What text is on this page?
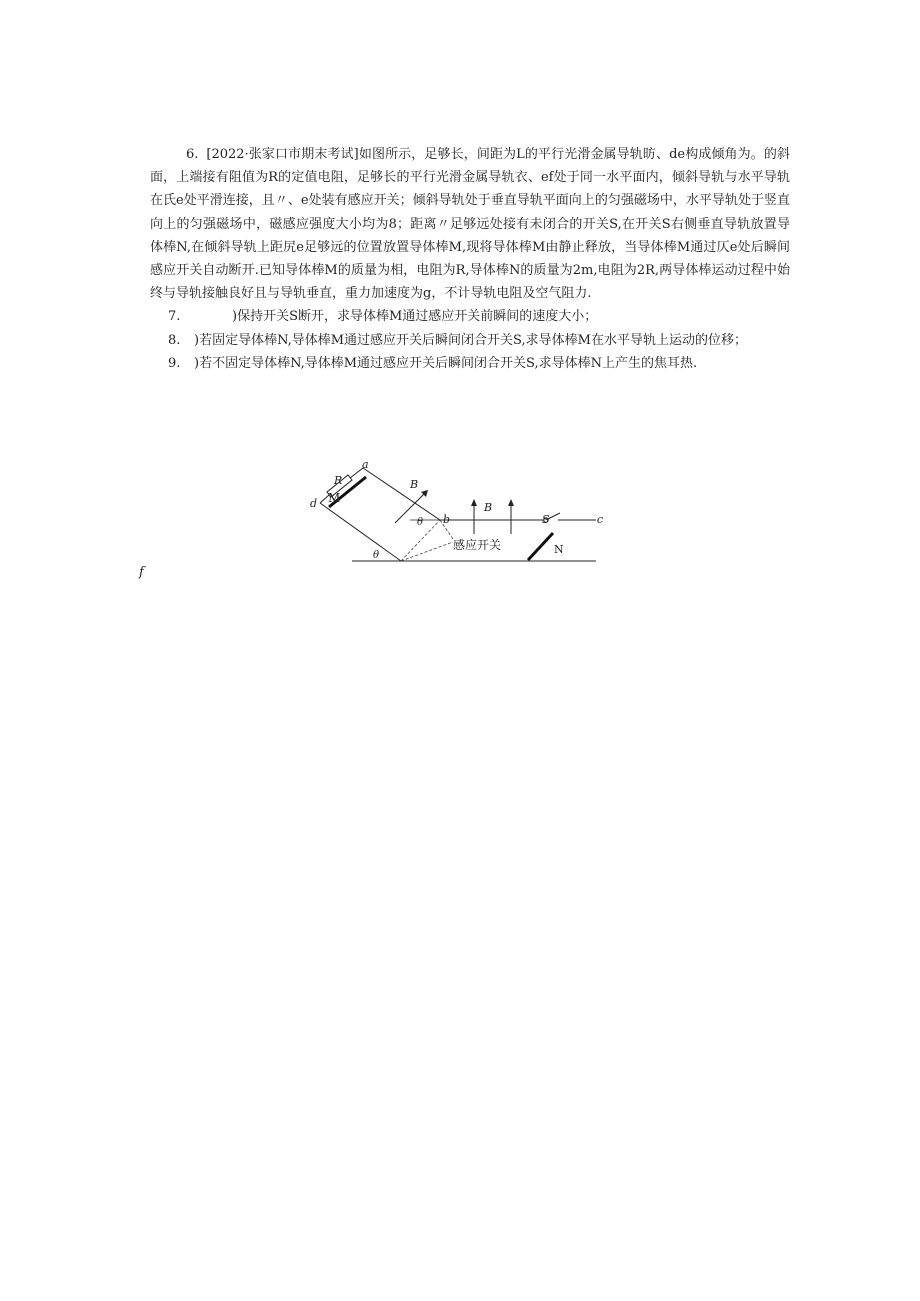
6. [2022·张家口市期末考试]如图所示，足够长，间距为L的平行光滑金属导轨昉、de构成倾角为。的斜面，上端接有阻值为R的定值电阻，足够长的平行光滑金属导轨衣、ef处于同一水平面内，倾斜导轨与水平导轨在氏e处平滑连接，且〃、e处装有感应开关；倾斜导轨处于垂直导轨平面向上的匀强磁场中，水平导轨处于竖直向上的匀强磁场中，磁感应强度大小均为8；距离〃足够远处接有未闭合的开关S,在开关S右侧垂直导轨放置导体棒N,在倾斜导轨上距尻e足够远的位置放置导体棒M,现将导体棒M由静止释放，当导体棒M通过仄e处后瞬间感应开关自动断开.已知导体棒M的质量为相，电阻为R,导体棒N的质量为2m,电阻为2R,两导体棒运动过程中始终与导轨接触良好且与导轨垂直，重力加速度为g，不计导轨电阻及空气阻力.

7.	)保持开关S断开，求导体棒M通过感应开关前瞬间的速度大小；

8. )若固定导体棒N,导体棒M通过感应开关后瞬间闭合开关S,求导体棒M在水平导轨上运动的位移；

9. )若不固定导体棒N,导体棒M通过感应开关后瞬间闭合开关S,求导体棒N上产生的焦耳热.

R
a
d M
B
θ b
B
S	c
θ
感应开关	N
f
